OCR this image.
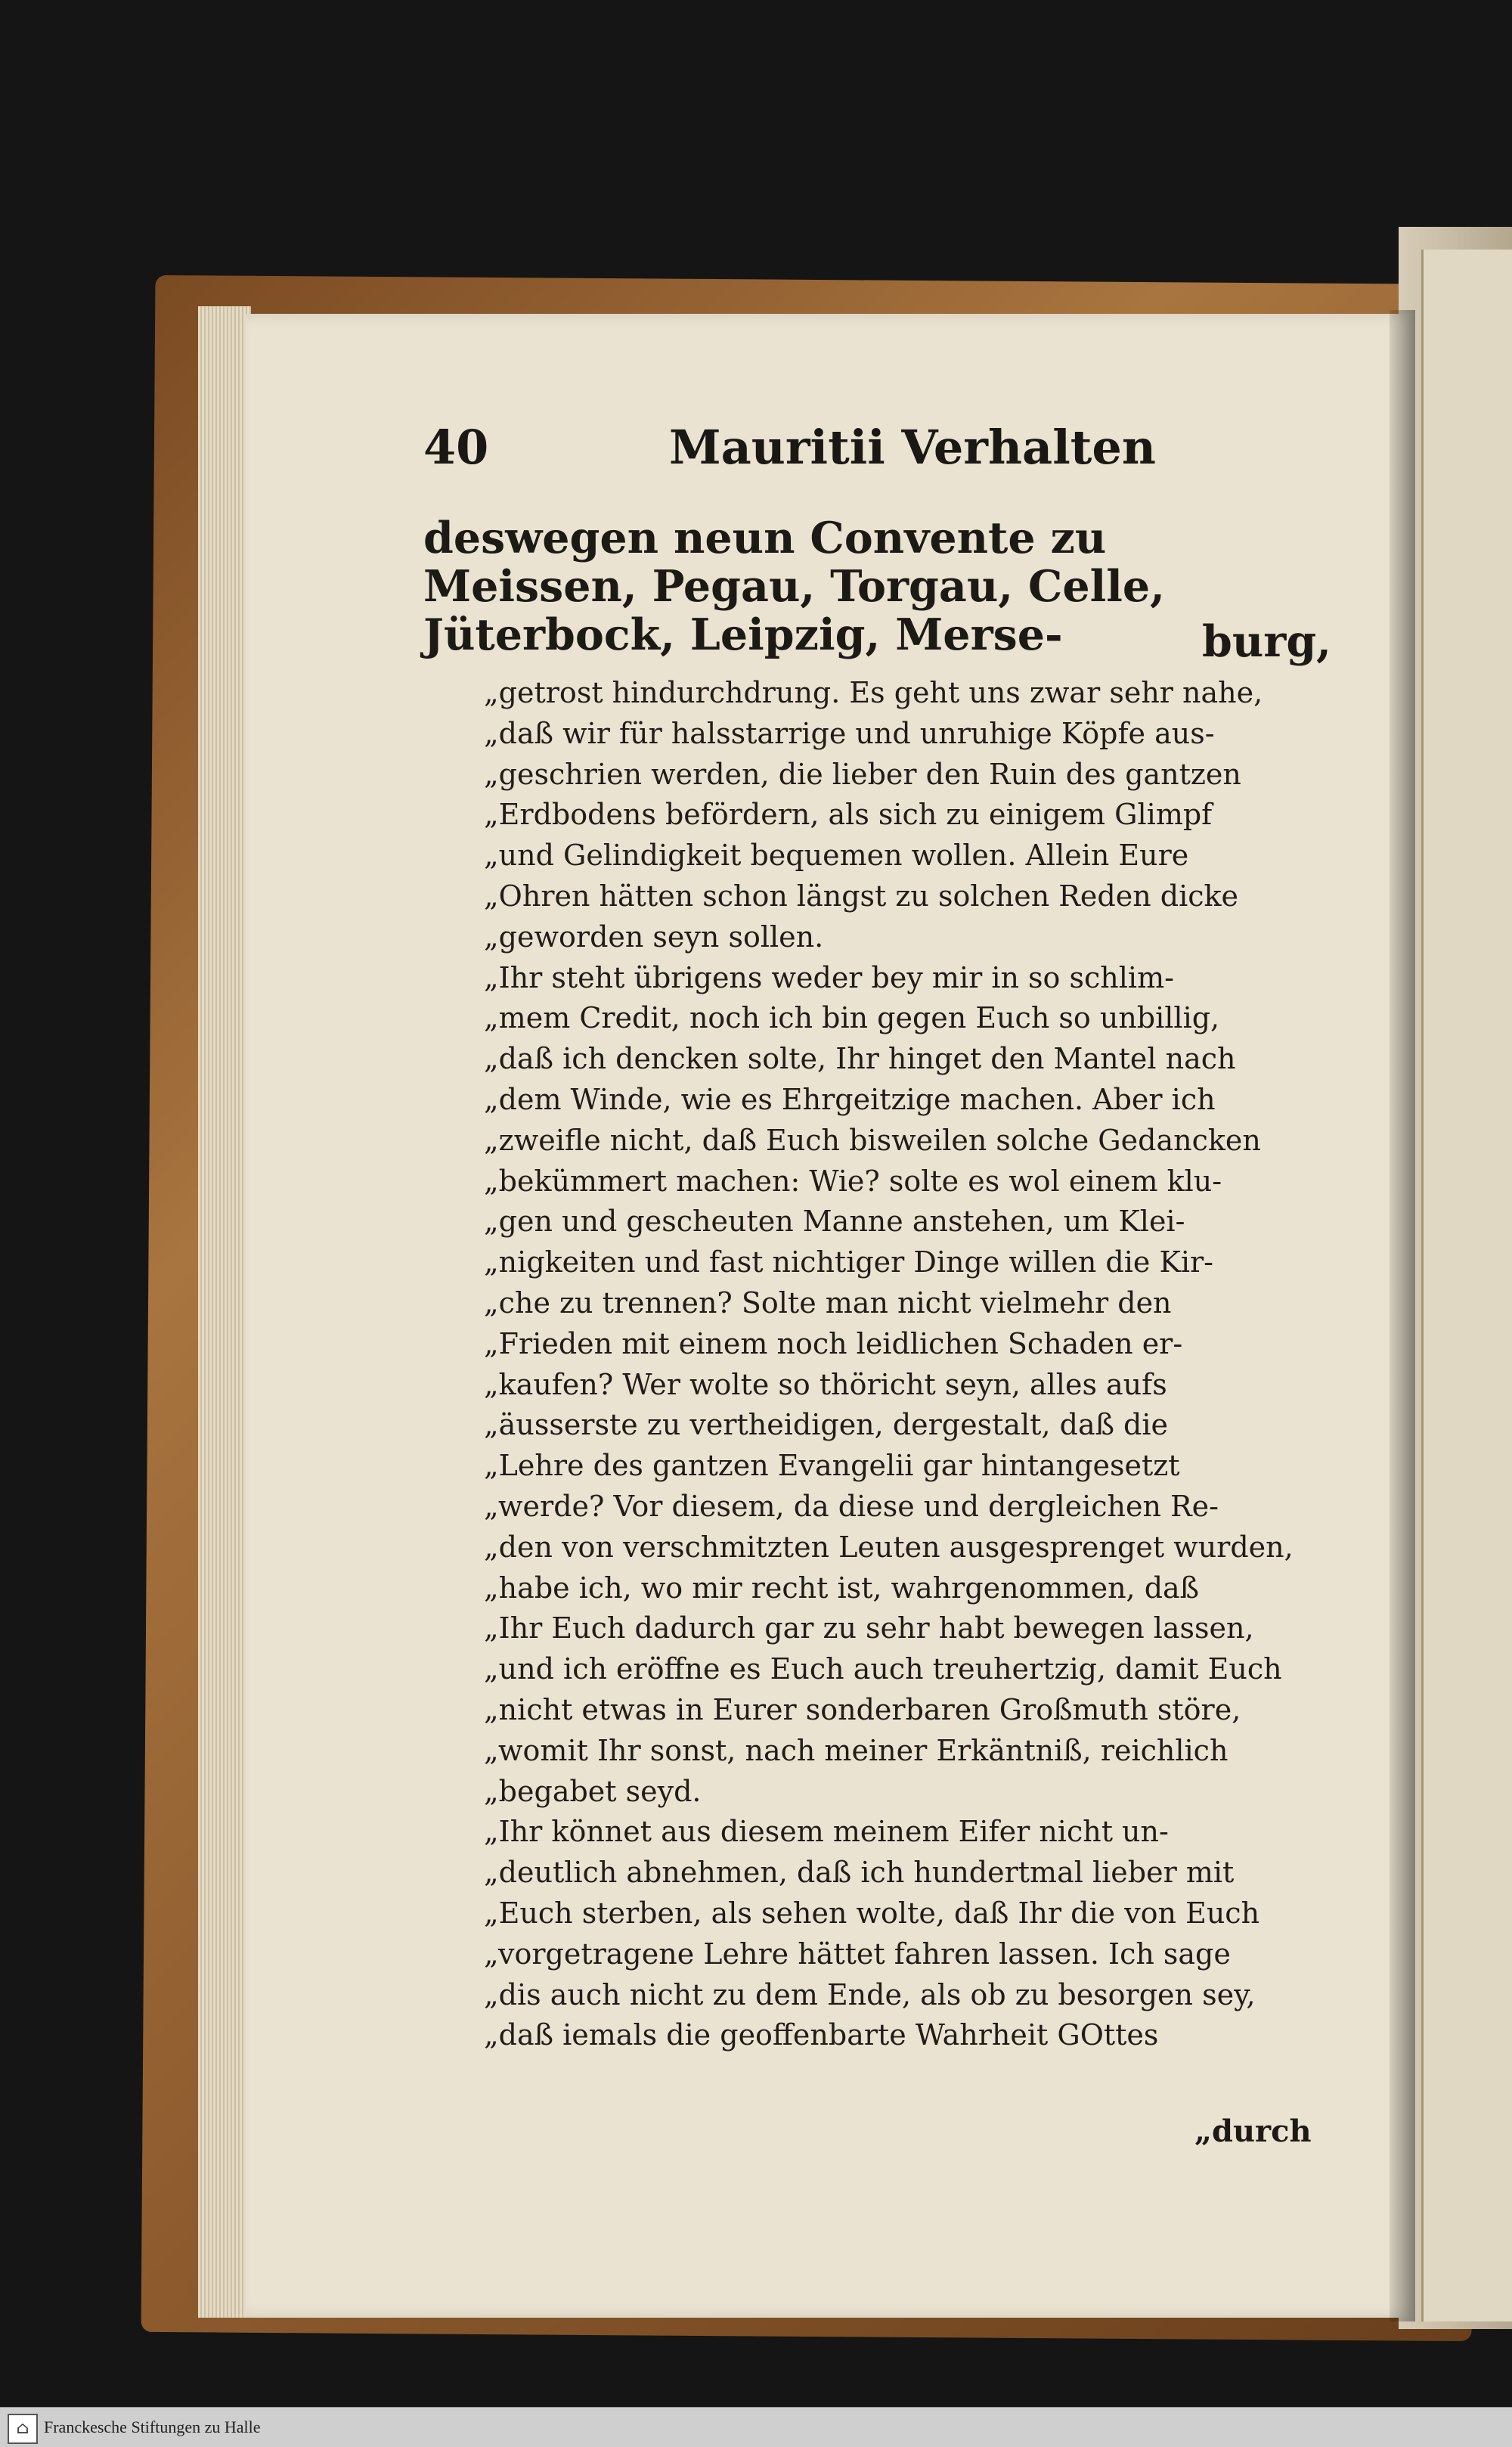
40	Mauritii Verhalten

deswegen neun Convente zu Meissen, Pegau, Torgau, Celle, Jüterbock, Leipzig, Merse-	burg,
„getrost hindurchdrung. Es geht uns zwar sehr nahe,
„daß wir für halsstarrige und unruhige Köpfe aus-
„geschrien werden, die lieber den Ruin des gantzen
„Erdbodens befördern, als sich zu einigem Glimpf
„und Gelindigkeit bequemen wollen. Allein Eure
„Ohren hätten schon längst zu solchen Reden dicke
„geworden seyn sollen.
„Ihr steht übrigens weder bey mir in so schlim-
„mem Credit, noch ich bin gegen Euch so unbillig,
„daß ich dencken solte, Ihr hinget den Mantel nach
„dem Winde, wie es Ehrgeitzige machen. Aber ich
„zweifle nicht, daß Euch bisweilen solche Gedancken
„bekümmert machen: Wie? solte es wol einem klu-
„gen und gescheuten Manne anstehen, um Klei-
„nigkeiten und fast nichtiger Dinge willen die Kir-
„che zu trennen? Solte man nicht vielmehr den
„Frieden mit einem noch leidlichen Schaden er-
„kaufen? Wer wolte so thöricht seyn, alles aufs
„äusserste zu vertheidigen, dergestalt, daß die
„Lehre des gantzen Evangelii gar hintangesetzt
„werde? Vor diesem, da diese und dergleichen Re-
„den von verschmitzten Leuten ausgesprenget wurden,
„habe ich, wo mir recht ist, wahrgenommen, daß
„Ihr Euch dadurch gar zu sehr habt bewegen lassen,
„und ich eröffne es Euch auch treuhertzig, damit Euch
„nicht etwas in Eurer sonderbaren Großmuth störe,
„womit Ihr sonst, nach meiner Erkäntniß, reichlich
„begabet seyd.
„Ihr könnet aus diesem meinem Eifer nicht un-
„deutlich abnehmen, daß ich hundertmal lieber mit
„Euch sterben, als sehen wolte, daß Ihr die von Euch
„vorgetragene Lehre hättet fahren lassen. Ich sage
„dis auch nicht zu dem Ende, als ob zu besorgen sey,
„daß iemals die geoffenbarte Wahrheit GOttes
„durch
⌂ Franckesche Stiftungen zu Halle
